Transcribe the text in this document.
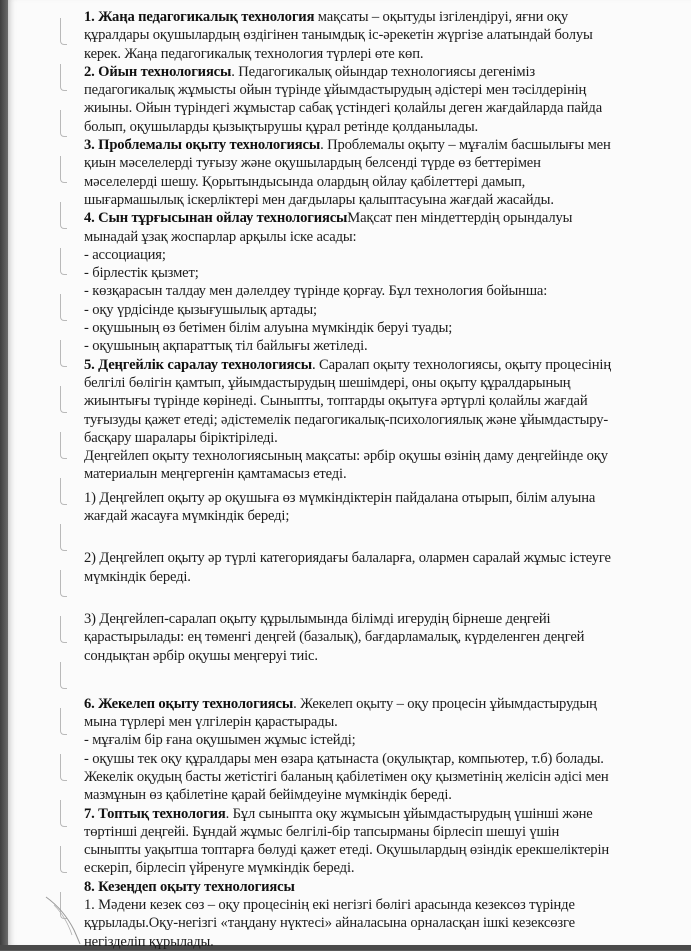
1. Жаңа педагогикалық технология мақсаты – оқытуды ізгілендіруі, яғни оқу
құралдары оқушылардың өздігінен танымдық іс-әрекетін жүргізе алатындай болуы
керек. Жаңа педагогикалық технология түрлері өте көп.
2. Ойын технологиясы. Педагогикалық ойындар технологиясы дегеніміз
педагогикалық жұмысты ойын түрінде ұйымдастырудың әдістері мен тәсілдерінің
жиыны. Ойын түріндегі жұмыстар сабақ үстіндегі қолайлы деген жағдайларда пайда
болып, оқушыларды қызықтырушы құрал ретінде қолданылады.
3. Проблемалы оқыту технологиясы. Проблемалы оқыту – мұғалім басшылығы мен
қиын мәселелерді туғызу және оқушылардың белсенді түрде өз беттерімен
мәселелерді шешу. Қорытындысында олардың ойлау қабілеттері дамып,
шығармашылық іскерліктері мен дағдылары қалыптасуына жағдай жасайды.
4. Сын тұрғысынан ойлау технологиясыМақсат пен міндеттердің орындалуы
мынадай ұзақ жоспарлар арқылы іске асады:
- ассоциация;
- бірлестік қызмет;
- көзқарасын талдау мен дәлелдеу түрінде қорғау. Бұл технология бойынша:
- оқу үрдісінде қызығушылық артады;
- оқушының өз бетімен білім алуына мүмкіндік беруі туады;
- оқушының ақпараттық тіл байлығы жетіледі.
5. Деңгейлік саралау технологиясы. Саралап оқыту технологиясы, оқыту процесінің
белгілі бөлігін қамтып, ұйымдастырудың шешімдері, оны оқыту құралдарының
жиынтығы түрінде көрінеді. Сыныпты, топтарды оқытуға әртүрлі қолайлы жағдай
туғызуды қажет етеді; әдістемелік педагогикалық-психологиялық және ұйымдастыру-
басқару шаралары біріктіріледі.
Деңгейлеп оқыту технологиясының мақсаты: әрбір оқушы өзінің даму деңгейінде оқу
материалын меңгергенін қамтамасыз етеді.
1) Деңгейлеп оқыту әр оқушыға өз мүмкіндіктерін пайдалана отырып, білім алуына
жағдай жасауға мүмкіндік береді;
2) Деңгейлеп оқыту әр түрлі категориядағы балаларға, олармен саралай жұмыс істеуге
мүмкіндік береді.
3) Деңгейлеп-саралап оқыту құрылымында білімді игерудің бірнеше деңгейі
қарастырылады: ең төменгі деңгей (базалық), бағдарламалық, күрделенген деңгей
сондықтан әрбір оқушы меңгеруі тиіс.
6. Жекелеп оқыту технологиясы. Жекелеп оқыту – оқу процесін ұйымдастырудың
мына түрлері мен үлгілерін қарастырады.
- мұғалім бір ғана оқушымен жұмыс істейді;
- оқушы тек оқу құралдары мен өзара қатынаста (оқулықтар, компьютер, т.б) болады.
Жекелік оқудың басты жетістігі баланың қабілетімен оқу қызметінің желісін әдісі мен
мазмұнын өз қабілетіне қарай бейімдеуіне мүмкіндік береді.
7. Топтық технология. Бұл сыныпта оқу жұмысын ұйымдастырудың үшінші және
төртінші деңгейі. Бұндай жұмыс белгілі-бір тапсырманы бірлесіп шешуі үшін
сыныпты уақытша топтарға бөлуді қажет етеді. Оқушылардың өзіндік ерекшеліктерін
ескеріп, бірлесіп үйренуге мүмкіндік береді.
8. Кезеңдеп оқыту технологиясы
1. Мәдени кезек сөз – оқу процесінің екі негізгі бөлігі арасында кезексөз түрінде
құрылады.Оқу-негізгі «таңдану нүктесі» айналасына орналасқан ішкі кезексөзге
негізделіп құрылады.
